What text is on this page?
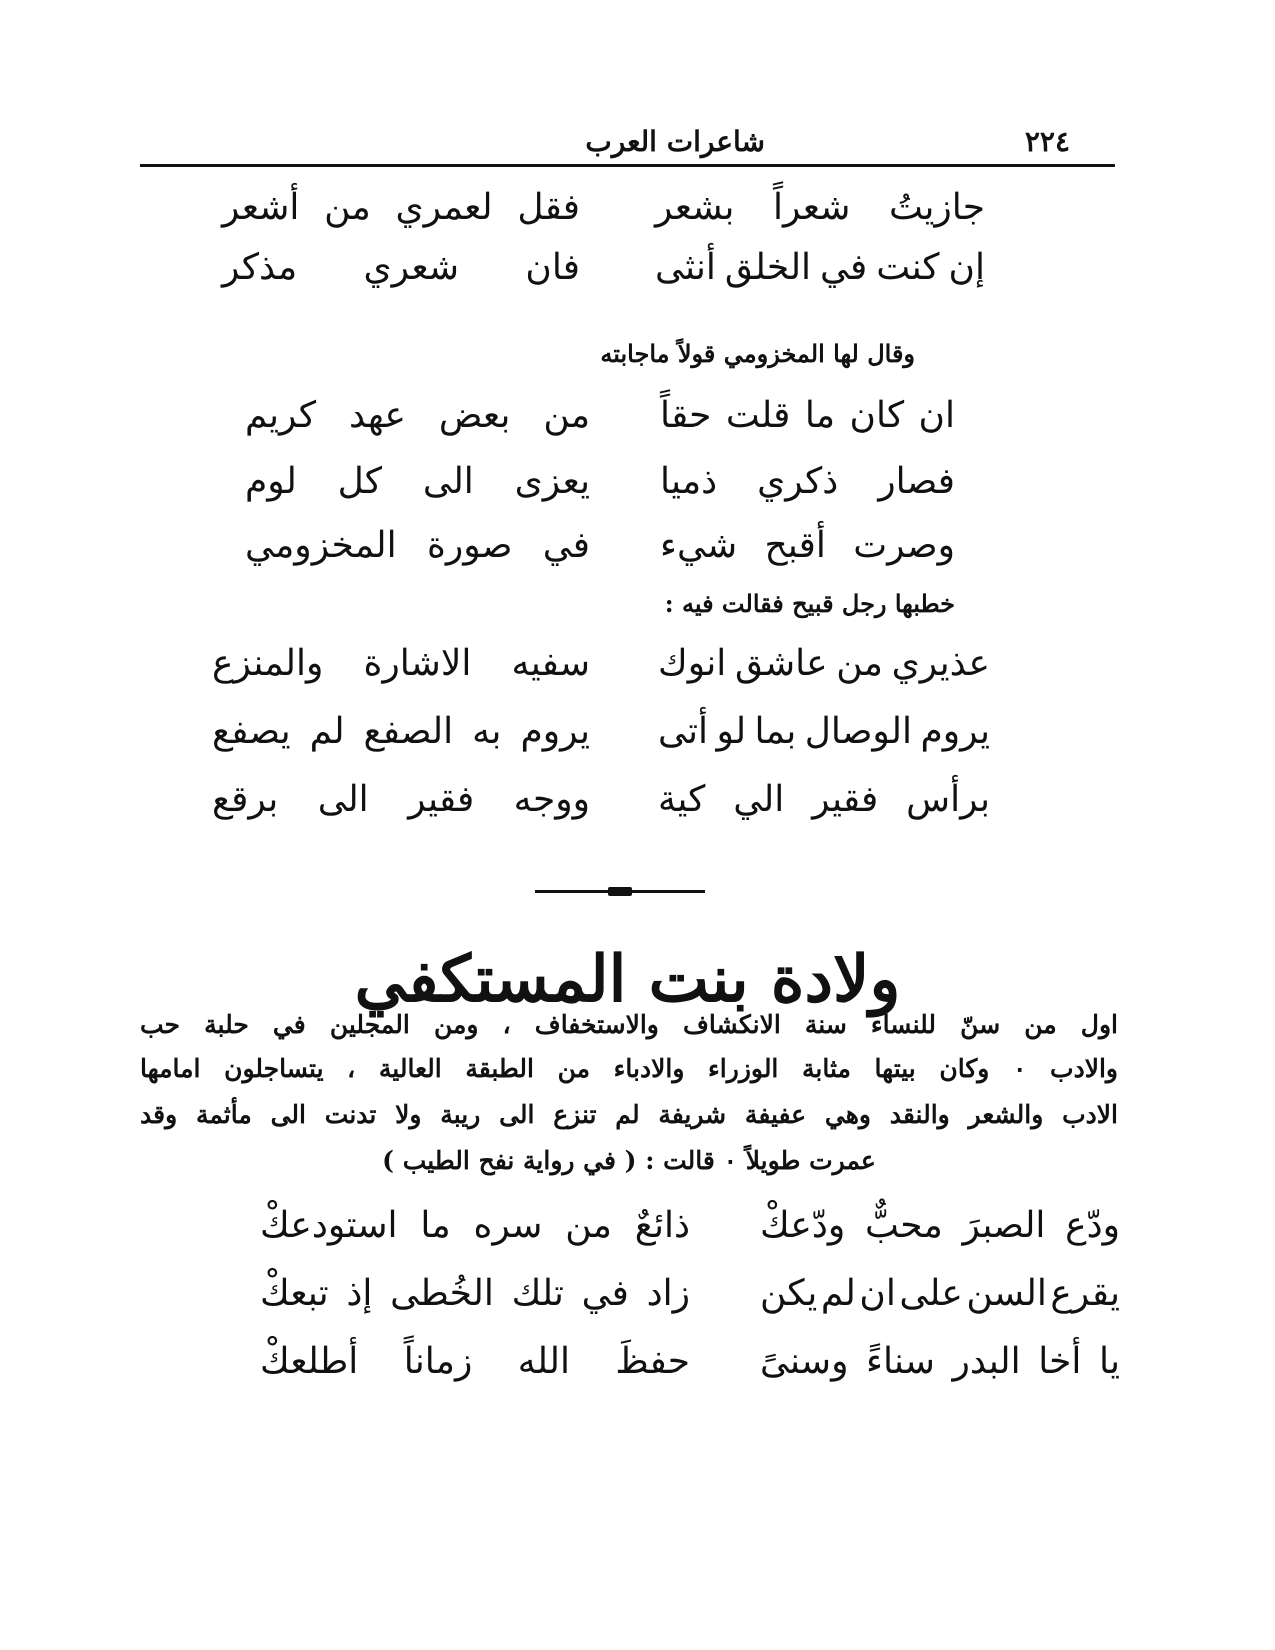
٢٢٤
شاعرات العرب
جازيتُ
شعراً
بشعر
فقل
لعمري
من
أشعر
إن
كنت
في
الخلق
أنثى
فان
شعري
مذكر
وقال لها المخزومي قولاً ماجابته
ان
كان
ما
قلت
حقاً
من
بعض
عهد
كريم
فصار
ذكري
ذميا
يعزى
الى
كل
لوم
وصرت
أقبح
شيء
في
صورة
المخزومي
خطبها رجل قبيح فقالت فيه :
عذيري
من
عاشق
انوك
سفيه
الاشارة
والمنزع
يروم
الوصال
بما
لو
أتى
يروم
به
الصفع
لم
يصفع
برأس
فقير
الي
كية
ووجه
فقير
الى
برقع
ولادة بنت المستكفي
اول من سنّ للنساء سنة الانكشاف والاستخفاف ، ومن المجلين في حلبة حب
والادب ٠ وكان بيتها مثابة الوزراء والادباء من الطبقة العالية ، يتساجلون امامها
الادب والشعر والنقد وهي عفيفة شريفة لم تنزع الى ريبة ولا تدنت الى مأثمة وقد
عمرت طويلاً ٠ قالت : ( في رواية نفح الطيب )
ودّع
الصبرَ
محبٌّ
ودّعكْ
ذائعٌ
من
سره
ما
استودعكْ
يقرع
السن
على
ان
لم
يكن
زاد
في
تلك
الخُطى
إذ
تبعكْ
يا
أخا
البدر
سناءً
وسنىً
حفظَ
الله
زماناً
أطلعكْ
